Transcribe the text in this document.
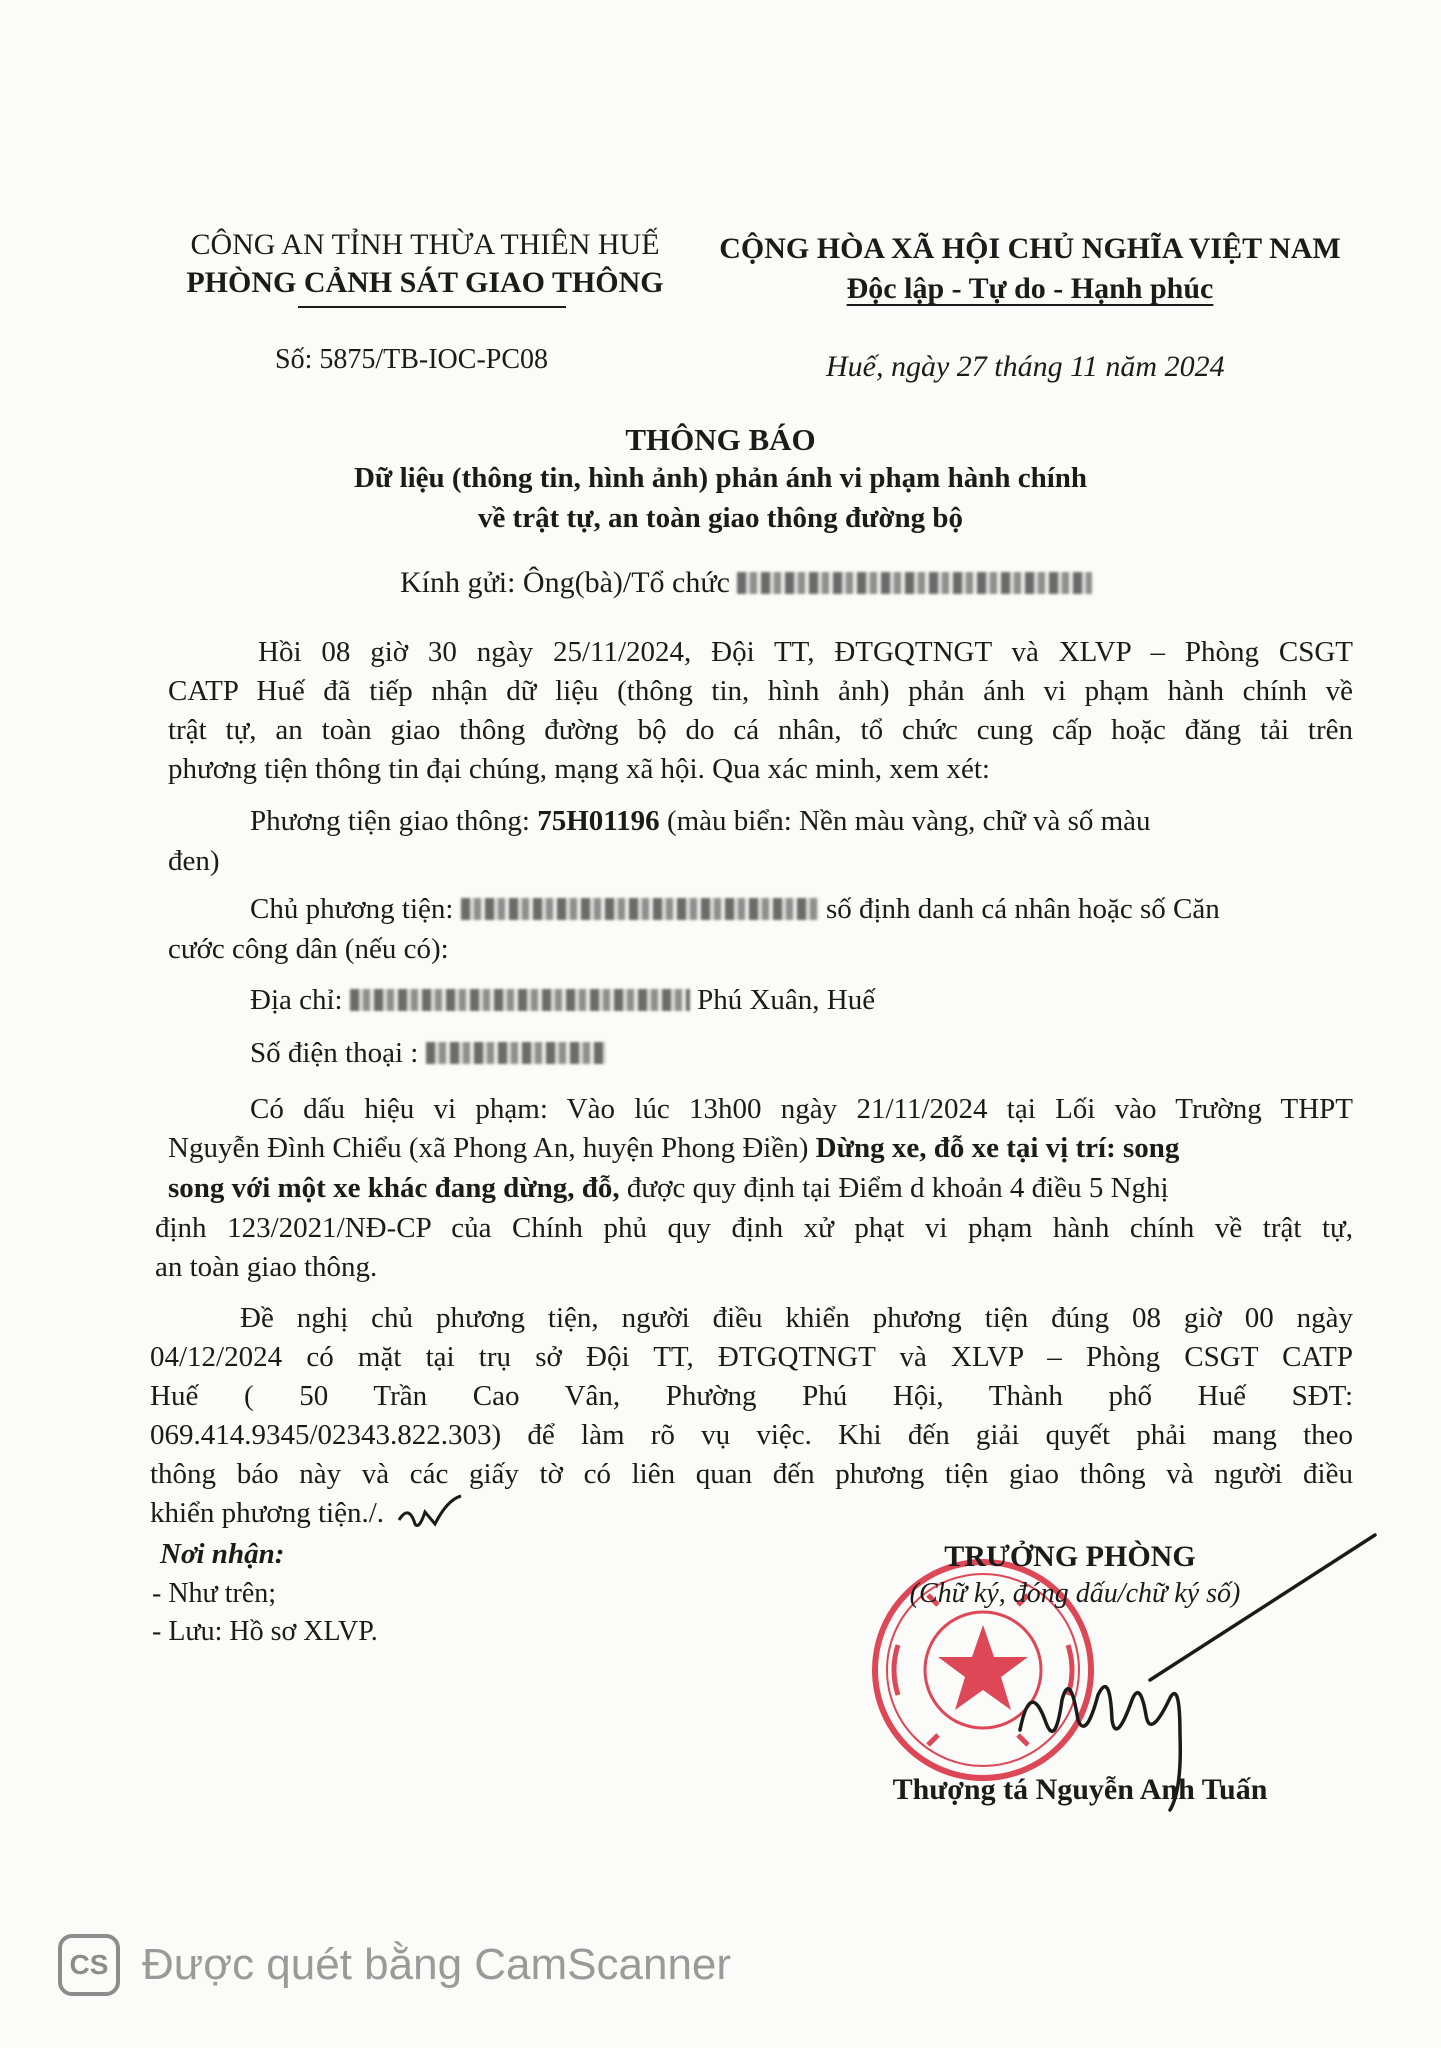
CÔNG AN TỈNH THỪA THIÊN HUẾ
PHÒNG CẢNH SÁT GIAO THÔNG
CỘNG HÒA XÃ HỘI CHỦ NGHĨA VIỆT NAM
Độc lập - Tự do - Hạnh phúc
Số: 5875/TB-IOC-PC08	Huế, ngày 27 tháng 11 năm 2024
THÔNG BÁO
Dữ liệu (thông tin, hình ảnh) phản ánh vi phạm hành chính
về trật tự, an toàn giao thông đường bộ
Kính gửi: Ông(bà)/Tổ chức
Hồi 08 giờ 30 ngày 25/11/2024, Đội TT, ĐTGQTNGT và XLVP – Phòng CSGT
CATP Huế đã tiếp nhận dữ liệu (thông tin, hình ảnh) phản ánh vi phạm hành chính về
trật tự, an toàn giao thông đường bộ do cá nhân, tổ chức cung cấp hoặc đăng tải trên
phương tiện thông tin đại chúng, mạng xã hội. Qua xác minh, xem xét:
Phương tiện giao thông: 75H01196 (màu biển: Nền màu vàng, chữ và số màu
đen)
Chủ phương tiện:	số định danh cá nhân hoặc số Căn
cước công dân (nếu có):
Địa chỉ:	Phú Xuân, Huế
Số điện thoại :
Có dấu hiệu vi phạm: Vào lúc 13h00 ngày 21/11/2024 tại Lối vào Trường THPT
Nguyễn Đình Chiểu (xã Phong An, huyện Phong Điền) Dừng xe, đỗ xe tại vị trí: song
song với một xe khác đang dừng, đỗ, được quy định tại Điểm d khoản 4 điều 5 Nghị
định 123/2021/NĐ-CP của Chính phủ quy định xử phạt vi phạm hành chính về trật tự,
an toàn giao thông.
Đề nghị chủ phương tiện, người điều khiển phương tiện đúng 08 giờ 00 ngày
04/12/2024 có mặt tại trụ sở Đội TT, ĐTGQTNGT và XLVP – Phòng CSGT CATP
Huế ( 50 Trần Cao Vân, Phường Phú Hội, Thành phố Huế SĐT:
069.414.9345/02343.822.303) để làm rõ vụ việc. Khi đến giải quyết phải mang theo
thông báo này và các giấy tờ có liên quan đến phương tiện giao thông và người điều
khiển phương tiện./.
Nơi nhận:
- Như trên;
- Lưu: Hồ sơ XLVP.
TRƯỞNG PHÒNG
(Chữ ký, đóng dấu/chữ ký số)
Thượng tá Nguyễn Anh Tuấn
CS Được quét bằng CamScanner
